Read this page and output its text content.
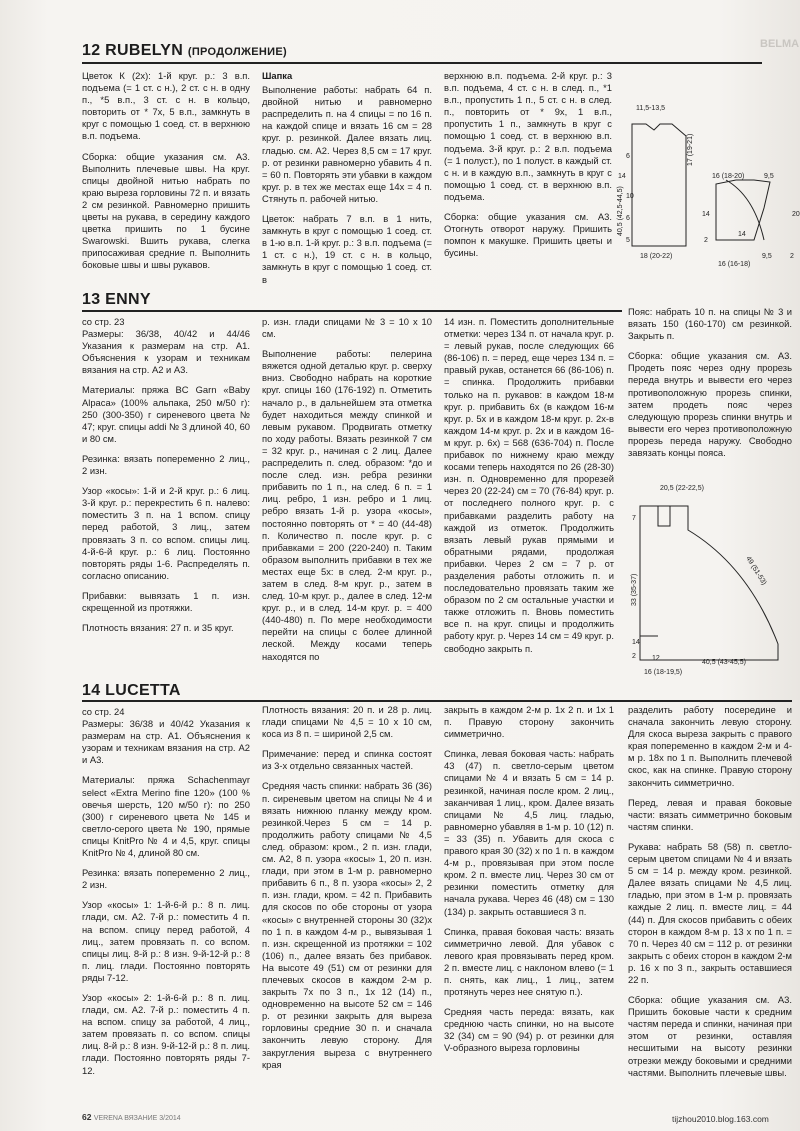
BELMA
12 RUBELYN (ПРОДОЛЖЕНИЕ)

Цветок К (2х): 1-й круг. р.: 3 в.п. подъема (= 1 ст. с н.), 2 ст. с н. в одну п., *5 в.п., 3 ст. с н. в кольцо, повторить от * 7х, 5 в.п., замкнуть в круг с помощью 1 соед. ст. в верхнюю в.п. подъема.

Сборка: общие указания см. А3. Выполнить плечевые швы. На круг. спицы двойной нитью набрать по краю выреза горловины 72 п. и вязать 2 см резинкой. Равномерно пришить цветы на рукава, в середину каждого цветка пришить по 1 бусине Swarowski. Вшить рукава, слегка припосаживая средние п. Выполнить боковые швы и швы рукавов.

Шапка

Выполнение работы: набрать 64 п. двойной нитью и равномерно распределить п. на 4 спицы = по 16 п. на каждой спице и вязать 16 см = 28 круг. р. резинкой. Далее вязать лиц. гладью. см. А2. Через 8,5 см = 17 круг. р. от резинки равномерно убавить 4 п. = 60 п. Повторять эти убавки в каждом круг. р. в тех же местах еще 14х = 4 п. Стянуть п. рабочей нитью.

Цветок: набрать 7 в.п. в 1 нить, замкнуть в круг с помощью 1 соед. ст. в 1-ю в.п. 1-й круг. р.: 3 в.п. подъема (= 1 ст. с н.), 19 ст. с н. в кольцо, замкнуть в круг с помощью 1 соед. ст. в

верхнюю в.п. подъема. 2-й круг. р.: 3 в.п. подъема, 4 ст. с н. в след. п., *1 в.п., пропустить 1 п., 5 ст. с н. в след. п., повторить от * 9х, 1 в.п., пропустить 1 п., замкнуть в круг с помощью 1 соед. ст. в верхнюю в.п. подъема. 3-й круг. р.: 2 в.п. подъема (= 1 полуст.), по 1 полуст. в каждый ст. с н. и в каждую в.п., замкнуть в круг с помощью 1 соед. ст. в верхнюю в.п. подъема.

Сборка: общие указания см. А3. Отогнуть отворот наружу. Пришить помпон к макушке. Пришить цветы и бусины.

11,5-13,5
17 (19-21)
40,5 (42,5-44,5)
6
10
6
5
18 (20-22)
14	16 (18-20)	9,5
20
14
2
14
16 (16-18)
9,5	2
13 ENNY

со стр. 23

Размеры: 36/38, 40/42 и 44/46 Указания к размерам на стр. А1. Объяснения к узорам и техникам вязания на стр. А2 и А3.

Материалы: пряжа BC Garn «Baby Alpaca» (100% альпака, 250 м/50 г): 250 (300-350) г сиреневого цвета № 47; круг. спицы addi № 3 длиной 40, 60 и 80 см.

Резинка: вязать попеременно 2 лиц., 2 изн.

Узор «косы»: 1-й и 2-й круг. р.: 6 лиц. 3-й круг. р.: перекрестить 6 п. налево: поместить 3 п. на 1 вспом. спицу перед работой, 3 лиц., затем провязать 3 п. со вспом. спицы лиц. 4-й-6-й круг. р.: 6 лиц. Постоянно повторять ряды 1-6. Распределять п. согласно описанию.

Прибавки: вывязать 1 п. изн. скрещенной из протяжки.

Плотность вязания: 27 п. и 35 круг.

р. изн. глади спицами № 3 = 10 х 10 см.

Выполнение работы: пелерина вяжется одной деталью круг. р. сверху вниз. Свободно набрать на короткие круг. спицы 160 (176-192) п. Отметить начало р., в дальнейшем эта отметка будет находиться между спинкой и левым рукавом. Продвигать отметку по ходу работы. Вязать резинкой 7 см = 32 круг. р., начиная с 2 лиц. Далее распределить п. след. образом: *до и после след. изн. ребра резинки прибавить по 1 п., на след. 6 п. = 1 лиц. ребро, 1 изн. ребро и 1 лиц. ребро вязать 1-й р. узора «косы», постоянно повторять от * = 40 (44-48) п. Количество п. после круг. р. с прибавками = 200 (220-240) п. Таким образом выполнить прибавки в тех же местах еще 5х: в след. 2-м круг. р., затем в след. 8-м круг. р., затем в след. 10-м круг. р., далее в след. 12-м круг. р., и в след. 14-м круг. р. = 400 (440-480) п. По мере необходимости перейти на спицы с более длинной леской. Между косами теперь находятся по

14 изн. п. Поместить дополнительные отметки: через 134 п. от начала круг. р. = левый рукав, после следующих 66 (86-106) п. = перед, еще через 134 п. = правый рукав, останется 66 (86-106) п. = спинка. Продолжить прибавки только на п. рукавов: в каждом 18-м круг. р. прибавить 6х (в каждом 16-м круг. р. 5х и в каждом 18-м круг. р. 2х-в каждом 14-м круг. р. 2х и в каждом 16-м круг. р. 6х) = 568 (636-704) п. После прибавок по нижнему краю между косами теперь находятся по 26 (28-30) изн. п. Одновременно для прорезей через 20 (22-24) см = 70 (76-84) круг. р. от последнего полного круг. р. с прибавками разделить работу на каждой из отметок. Продолжить вязать левый рукав прямыми и обратными рядами, продолжая прибавки. Через 2 см = 7 р. от разделения работы отложить п. и последовательно провязать таким же образом по 2 см остальные участки и также отложить п. Вновь поместить все п. на круг. спицы и продолжить работу круг. р. Через 14 см = 49 круг. р. свободно закрыть п.

Пояс: набрать 10 п. на спицы № 3 и вязать 150 (160-170) см резинкой. Закрыть п.

Сборка: общие указания см. А3. Продеть пояс через одну прорезь переда внутрь и вывести его через противоположную прорезь спинки, затем продеть пояс через следующую прорезь спинки внутрь и вывести его через противоположную прорезь переда наружу. Свободно завязать концы пояса.

20,5 (22-22,5)
7
33 (35-37)
14
2 12
16 (18-19,5)
40,5 (43-45,5)
49 (51-53)
14 LUCETTA

со стр. 24

Размеры: 36/38 и 40/42 Указания к размерам на стр. А1. Объяснения к узорам и техникам вязания на стр. А2 и А3.

Материалы: пряжа Schachenmayr select «Extra Merino fine 120» (100 % овечья шерсть, 120 м/50 г): по 250 (300) г сиреневого цвета № 145 и светло-серого цвета № 190, прямые спицы KnitPro № 4 и 4,5, круг. спицы KnitPro № 4, длиной 80 см.

Резинка: вязать попеременно 2 лиц., 2 изн.

Узор «косы» 1: 1-й-6-й р.: 8 п. лиц. глади, см. А2. 7-й р.: поместить 4 п. на вспом. спицу перед работой, 4 лиц., затем провязать п. со вспом. спицы лиц. 8-й р.: 8 изн. 9-й-12-й р.: 8 п. лиц. глади. Постоянно повторять ряды 7-12.

Узор «косы» 2: 1-й-6-й р.: 8 п. лиц. глади, см. А2. 7-й р.: поместить 4 п. на вспом. спицу за работой, 4 лиц., затем провязать п. со вспом. спицы лиц. 8-й р.: 8 изн. 9-й-12-й р.: 8 п. лиц. глади. Постоянно повторять ряды 7-12.

Плотность вязания: 20 п. и 28 р. лиц. глади спицами № 4,5 = 10 х 10 см, коса из 8 п. = шириной 2,5 см.

Примечание: перед и спинка состоят из 3-х отдельно связанных частей.

Средняя часть спинки: набрать 36 (36) п. сиреневым цветом на спицы № 4 и вязать нижнюю планку между кром. резинкой.Через 5 см = 14 р. продолжить работу спицами № 4,5 след. образом: кром., 2 п. изн. глади, см. А2, 8 п. узора «косы» 1, 20 п. изн. глади, при этом в 1-м р. равномерно прибавить 6 п., 8 п. узора «косы» 2, 2 п. изн. глади, кром. = 42 п. Прибавить для скосов по обе стороны от узора «косы» с внутренней стороны 30 (32)х по 1 п. в каждом 4-м р., вывязывая 1 п. изн. скрещенной из протяжки = 102 (106) п., далее вязать без прибавок. На высоте 49 (51) см от резинки для плечевых скосов в каждом 2-м р. закрыть 7х по 3 п., 1х 12 (14) п., одновременно на высоте 52 см = 146 р. от резинки закрыть для выреза горловины средние 30 п. и сначала закончить левую сторону. Для закругления выреза с внутреннего края

закрыть в каждом 2-м р. 1х 2 п. и 1х 1 п. Правую сторону закончить симметрично.

Спинка, левая боковая часть: набрать 43 (47) п. светло-серым цветом спицами № 4 и вязать 5 см = 14 р. резинкой, начиная после кром. 2 лиц., заканчивая 1 лиц., кром. Далее вязать спицами № 4,5 лиц. гладью, равномерно убавляя в 1-м р. 10 (12) п. = 33 (35) п. Убавить для скоса с правого края 30 (32) х по 1 п. в каждом 4-м р., провязывая при этом после кром. 2 п. вместе лиц. Через 30 см от резинки поместить отметку для начала рукава. Через 46 (48) см = 130 (134) р. закрыть оставшиеся 3 п.

Спинка, правая боковая часть: вязать симметрично левой. Для убавок с левого края провязывать перед кром. 2 п. вместе лиц. с наклоном влево (= 1 п. снять, как лиц., 1 лиц., затем протянуть через нее снятую п.).

Средняя часть переда: вязать, как среднюю часть спинки, но на высоте 32 (34) см = 90 (94) р. от резинки для V-образного выреза горловины

разделить работу посередине и сначала закончить левую сторону. Для скоса выреза закрыть с правого края попеременно в каждом 2-м и 4-м р. 18х по 1 п. Выполнить плечевой скос, как на спинке. Правую сторону закончить симметрично.

Перед, левая и правая боковые части: вязать симметрично боковым частям спинки.

Рукава: набрать 58 (58) п. светло-серым цветом спицами № 4 и вязать 5 см = 14 р. между кром. резинкой. Далее вязать спицами № 4,5 лиц. гладью, при этом в 1-м р. провязать каждые 2 лиц. п. вместе лиц. = 44 (44) п. Для скосов прибавить с обеих сторон в каждом 8-м р. 13 х по 1 п. = 70 п. Через 40 см = 112 р. от резинки закрыть с обеих сторон в каждом 2-м р. 16 х по 3 п., закрыть оставшиеся 22 п.

Сборка: общие указания см. А3. Пришить боковые части к средним частям переда и спинки, начиная при этом от резинки, оставляя несшитыми на высоту резинки отрезки между боковыми и средними частями. Выполнить плечевые швы.

62 VERENA ВЯЗАНИЕ 3/2014	tijzhou2010.blog.163.com
